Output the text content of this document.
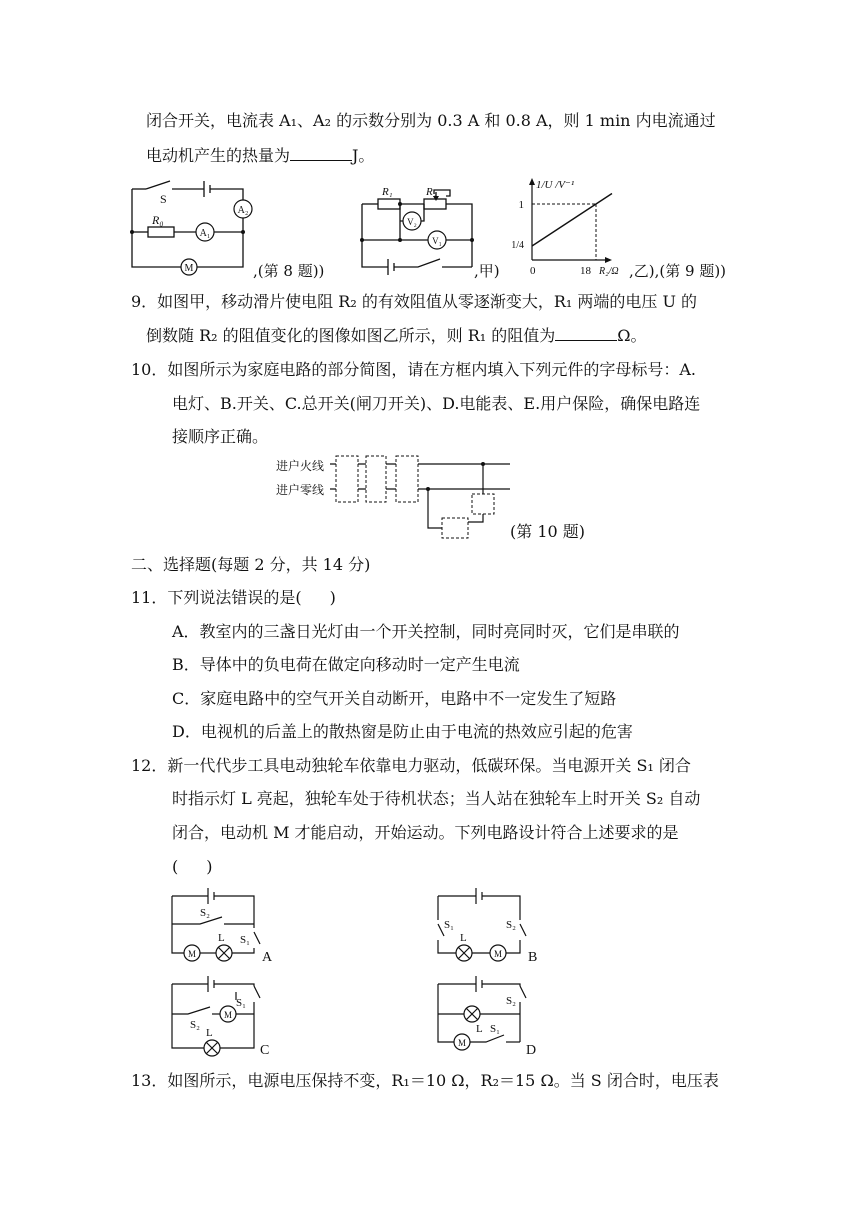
闭合开关，电流表 A₁、A₂ 的示数分别为 0.3 A 和 0.8 A，则 1 min 内电流通过
电动机产生的热量为	J。
S
R₀
A₂
A₁
M	,(第 8 题))
R₁	R₂
V₂
V₁
,甲)
1/U /V⁻¹
1
1/4
0	18 R₂/Ω ,乙),(第 9 题))
9．如图甲，移动滑片使电阻 R₂ 的有效阻值从零逐渐变大，R₁ 两端的电压 U 的
倒数随 R₂ 的阻值变化的图像如图乙所示，则 R₁ 的阻值为	Ω。
10．如图所示为家庭电路的部分简图，请在方框内填入下列元件的字母标号：A.
电灯、B.开关、C.总开关(闸刀开关)、D.电能表、E.用户保险，确保电路连
接顺序正确。
进户火线
进户零线
(第 10 题)
二、选择题(每题 2 分，共 14 分)
11．下列说法错误的是( )
A．教室内的三盏日光灯由一个开关控制，同时亮同时灭，它们是串联的
B．导体中的负电荷在做定向移动时一定产生电流
C．家庭电路中的空气开关自动断开，电路中不一定发生了短路
D．电视机的后盖上的散热窗是防止由于电流的热效应引起的危害
12．新一代代步工具电动独轮车依靠电力驱动，低碳环保。当电源开关 S₁ 闭合
时指示灯 L 亮起，独轮车处于待机状态；当人站在独轮车上时开关 S₂ 自动
闭合，电动机 M 才能启动，开始运动。下列电路设计符合上述要求的是
( )
M
L
S₂
S₁
A	M
L
S₁	S₂
B
M
L
S₂
S₁
C	M
L S₁
S₂
D
13．如图所示，电源电压保持不变，R₁＝10 Ω，R₂＝15 Ω。当 S 闭合时，电压表
